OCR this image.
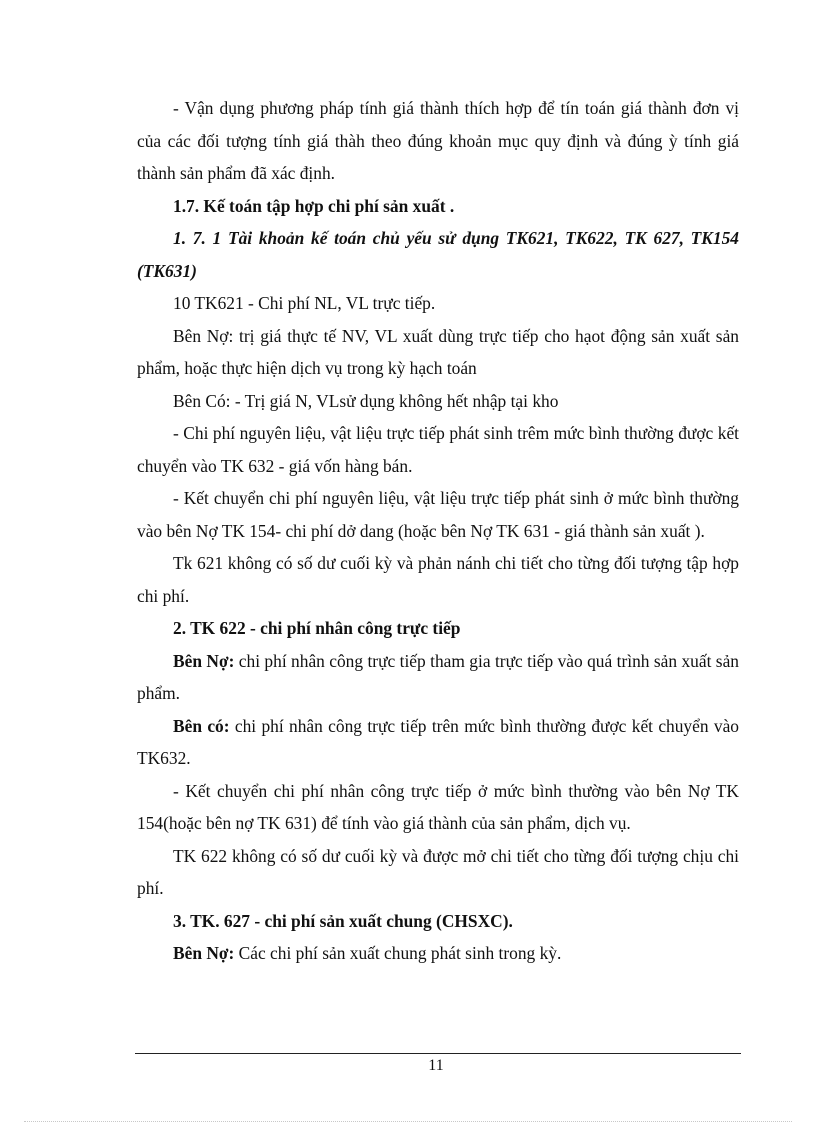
- Vận dụng phương pháp tính giá thành thích hợp để tín toán giá thành đơn vị của các đối tượng tính giá thàh theo đúng khoản mục quy định và đúng ỳ tính giá thành sản phẩm đã xác định.

1.7. Kế toán tập hợp chi phí sản xuất .

1. 7. 1 Tài khoản kế toán chủ yếu sử dụng TK621, TK622, TK 627, TK154 (TK631)

10 TK621 - Chi phí NL, VL trực tiếp.

Bên Nợ: trị giá thực tế NV, VL xuất dùng trực tiếp cho hạot động sản xuất sản phẩm, hoặc thực hiện dịch vụ trong kỳ hạch toán

Bên Có: - Trị giá N, VLsử dụng không hết nhập tại kho

- Chi phí nguyên liệu, vật liệu trực tiếp phát sinh trêm mức bình thường được kết chuyển vào TK 632 - giá vốn hàng bán.

- Kết chuyển chi phí nguyên liệu, vật liệu trực tiếp phát sinh ở mức bình thường vào bên Nợ TK 154- chi phí dở dang (hoặc bên Nợ TK 631 - giá thành sản xuất ).

Tk 621 không có số dư cuối kỳ và phản nánh chi tiết cho từng đối tượng tập hợp chi phí.

2. TK 622 - chi phí nhân công trực tiếp

Bên Nợ: chi phí nhân công trực tiếp tham gia trực tiếp vào quá trình sản xuất sản phẩm.

Bên có: chi phí nhân công trực tiếp trên mức bình thường được kết chuyển vào TK632.

- Kết chuyển chi phí nhân công trực tiếp ở mức bình thường vào bên Nợ TK 154(hoặc bên nợ TK 631) để tính vào giá thành của sản phẩm, dịch vụ.

TK 622 không có số dư cuối kỳ và được mở chi tiết cho từng đối tượng chịu chi phí.

3. TK. 627 - chi phí sản xuất chung (CHSXC).

Bên Nợ: Các chi phí sản xuất chung phát sinh trong kỳ.

11
